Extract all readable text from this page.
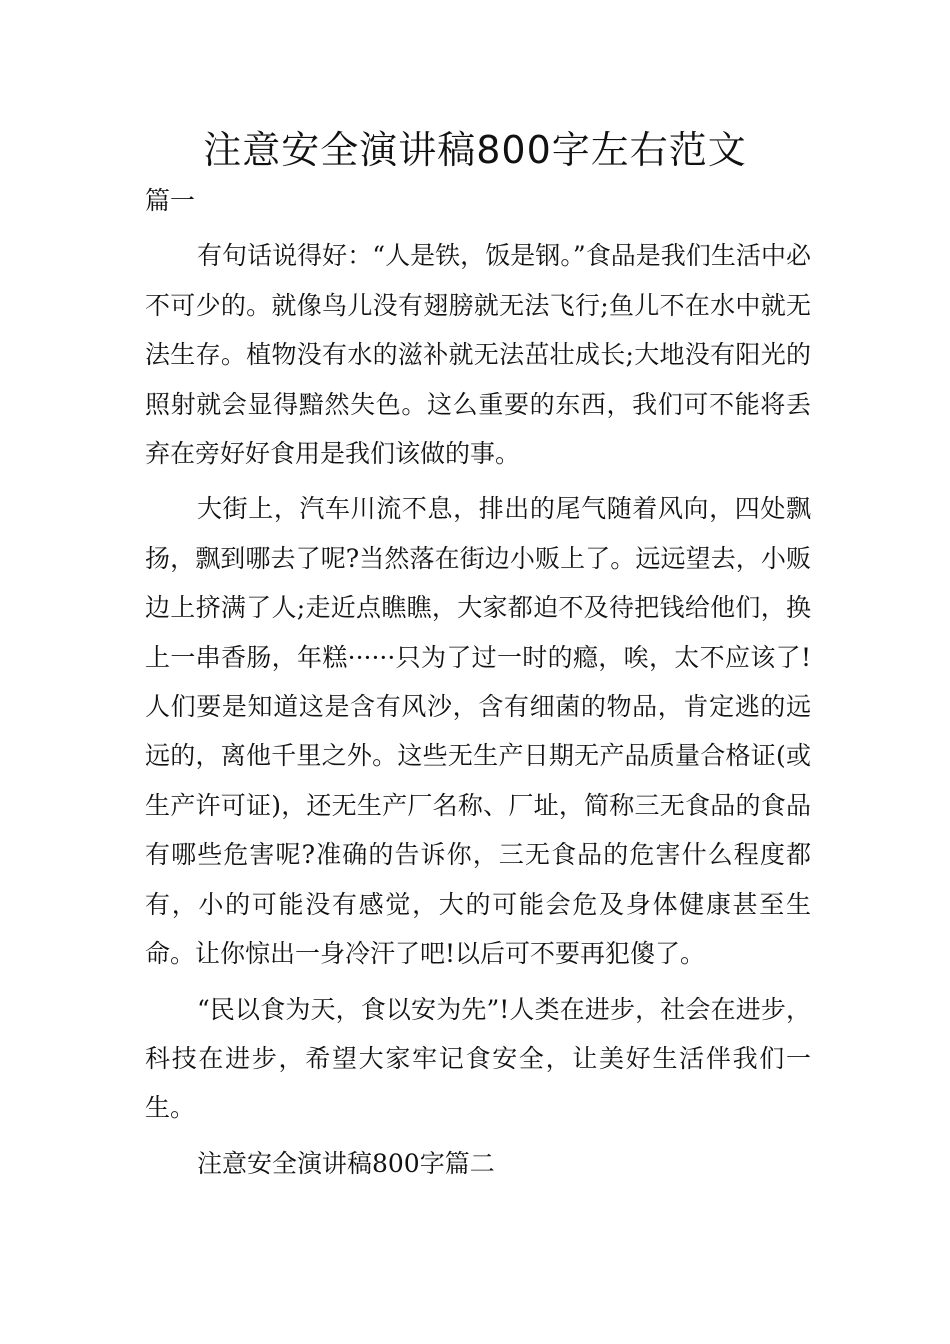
注意安全演讲稿800字左右范文

篇一

有句话说得好：“人是铁，饭是钢。”食品是我们生活中必不可少的。就像鸟儿没有翅膀就无法飞行;鱼儿不在水中就无法生存。植物没有水的滋补就无法茁壮成长;大地没有阳光的照射就会显得黯然失色。这么重要的东西，我们可不能将丢弃在旁好好食用是我们该做的事。

大街上，汽车川流不息，排出的尾气随着风向，四处飘扬，飘到哪去了呢?当然落在街边小贩上了。远远望去，小贩边上挤满了人;走近点瞧瞧，大家都迫不及待把钱给他们，换上一串香肠，年糕······只为了过一时的瘾，唉，太不应该了!人们要是知道这是含有风沙，含有细菌的物品，肯定逃的远远的，离他千里之外。这些无生产日期无产品质量合格证(或生产许可证)，还无生产厂名称、厂址，简称三无食品的食品有哪些危害呢?准确的告诉你，三无食品的危害什么程度都有，小的可能没有感觉，大的可能会危及身体健康甚至生命。让你惊出一身冷汗了吧!以后可不要再犯傻了。

“民以食为天，食以安为先”!人类在进步，社会在进步，科技在进步，希望大家牢记食安全，让美好生活伴我们一生。

注意安全演讲稿800字篇二
